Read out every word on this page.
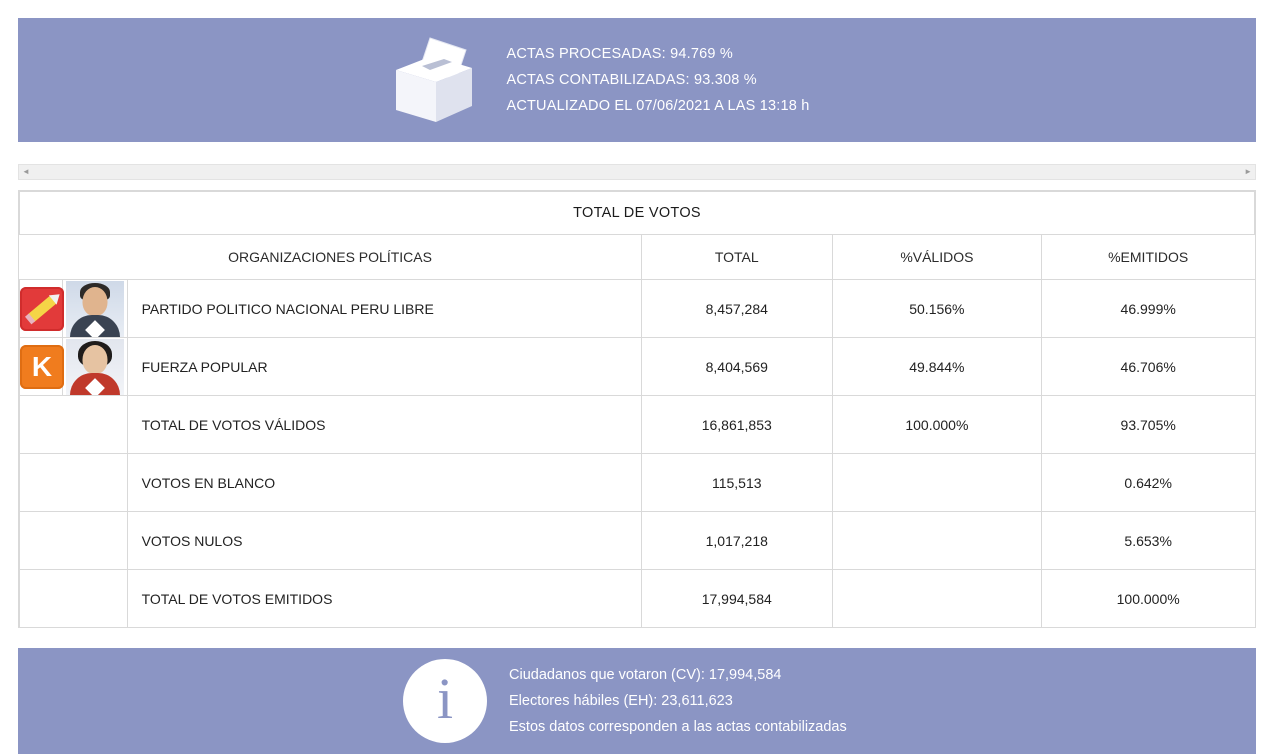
ACTAS PROCESADAS: 94.769 %
ACTAS CONTABILIZADAS: 93.308 %
ACTUALIZADO EL 07/06/2021 A LAS 13:18 h
◄	►
TOTAL DE VOTOS					
ORGANIZACIONES POLÍTICAS			TOTAL	%VÁLIDOS	%EMITIDOS

	PARTIDO POLITICO NACIONAL PERU LIBRE	8,457,284	50.156%	46.999%

K		FUERZA POPULAR	8,404,569	49.844%	46.706%
		TOTAL DE VOTOS VÁLIDOS	16,861,853	100.000%	93.705%
		VOTOS EN BLANCO	115,513		0.642%
		VOTOS NULOS	1,017,218		5.653%
		TOTAL DE VOTOS EMITIDOS	17,994,584		100.000%
i	Ciudadanos que votaron (CV): 17,994,584
Electores hábiles (EH): 23,611,623
Estos datos corresponden a las actas contabilizadas
